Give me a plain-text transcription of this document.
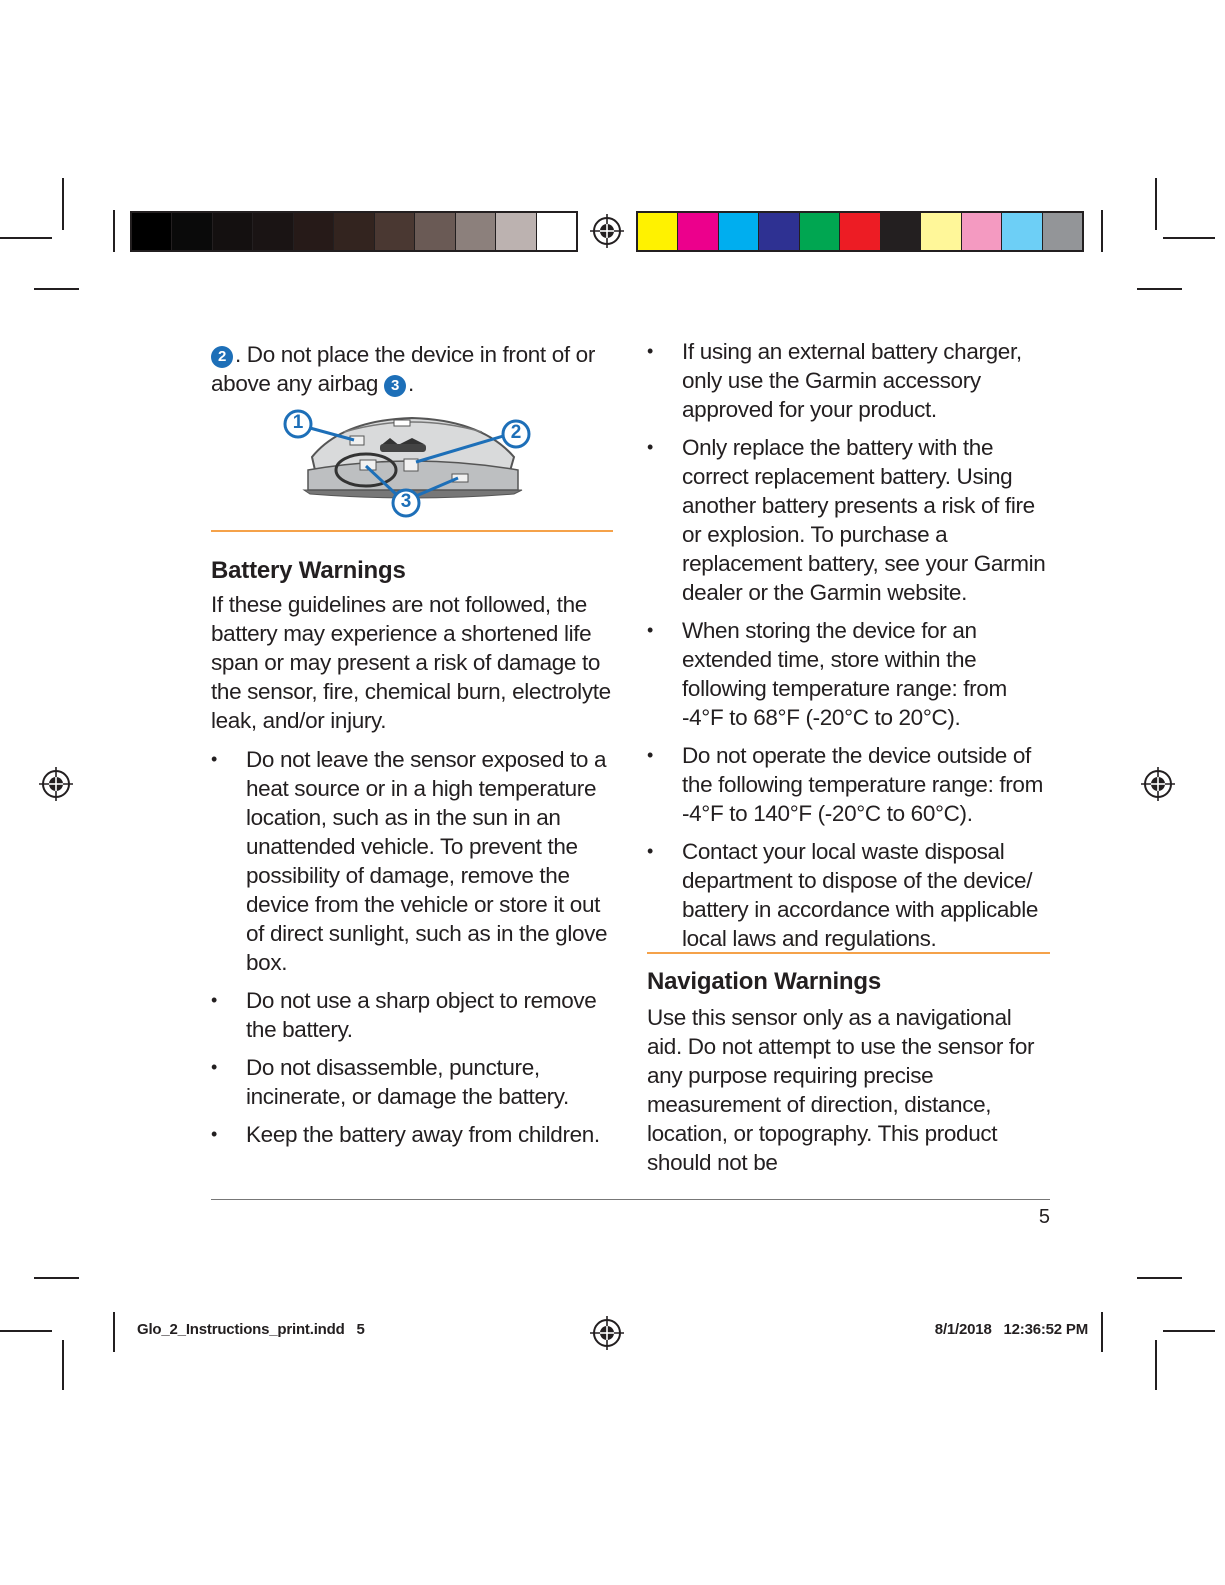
2 . Do not place the device in front of or
above any airbag 3 .

1	2
3
Battery Warnings

If these guidelines are not followed, the battery may experience a shortened life span or may present a risk of damage to the sensor, fire, chemical burn, electrolyte leak, and/or injury.

• Do not leave the sensor exposed to a heat source or in a high temperature location, such as in the sun in an unattended vehicle. To prevent the possibility of damage, remove the device from the vehicle or store it out of direct sunlight, such as in the glove box.
• Do not use a sharp object to remove the battery.
• Do not disassemble, puncture, incinerate, or damage the battery.
• Keep the battery away from children.
• If using an external battery charger, only use the Garmin accessory approved for your product.
• Only replace the battery with the correct replacement battery. Using another battery presents a risk of fire or explosion. To purchase a replacement battery, see your Garmin dealer or the Garmin website.
• When storing the device for an extended time, store within the following temperature range: from -4°F to 68°F (-20°C to 20°C).
• Do not operate the device outside of the following temperature range: from -4°F to 140°F (-20°C to 60°C).
• Contact your local waste disposal department to dispose of the device/ battery in accordance with applicable local laws and regulations.
Navigation Warnings

Use this sensor only as a navigational aid. Do not attempt to use the sensor for any purpose requiring precise measurement of direction, distance, location, or topography. This product should not be

5
Glo_2_Instructions_print.indd   5	8/1/2018   12:36:52 PM
